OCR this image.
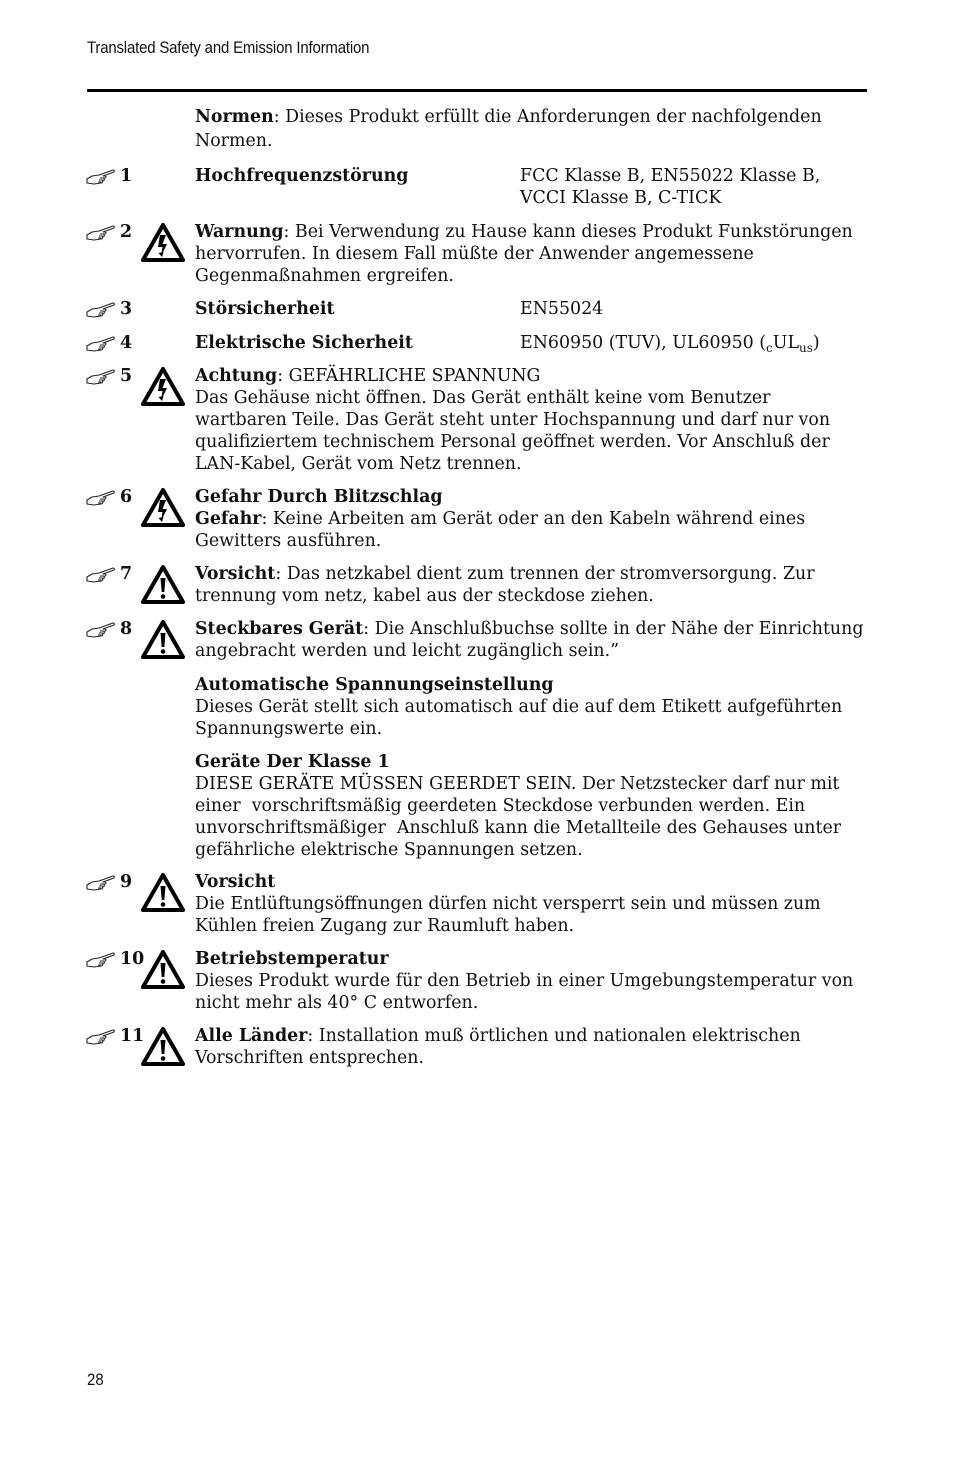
Translated Safety and Emission Information
Normen: Dieses Produkt erfüllt die Anforderungen der nachfolgenden Normen.
1	Hochfrequenzstörung	FCC Klasse B, EN55022 Klasse B, VCCI Klasse B, C-TICK
2	Warnung: Bei Verwendung zu Hause kann dieses Produkt Funkstörungen hervorrufen. In diesem Fall müßte der Anwender angemessene Gegenmaßnahmen ergreifen.
3	Störsicherheit	EN55024
4	Elektrische Sicherheit	EN60950 (TUV), UL60950 $(_cUL_{us})$
5	Achtung: GEFÄHRLICHE SPANNUNG
Das Gehäuse nicht öffnen. Das Gerät enthält keine vom Benutzer wartbaren Teile. Das Gerät steht unter Hochspannung und darf nur von qualifiziertem technischem Personal geöffnet werden. Vor Anschluß der LAN-Kabel, Gerät vom Netz trennen.
6	Gefahr Durch Blitzschlag
Gefahr: Keine Arbeiten am Gerät oder an den Kabeln während eines Gewitters ausführen.
7	Vorsicht: Das netzkabel dient zum trennen der stromversorgung. Zur trennung vom netz, kabel aus der steckdose ziehen.
8	Steckbares Gerät: Die Anschlußbuchse sollte in der Nähe der Einrichtung angebracht werden und leicht zugänglich sein.”
Automatische Spannungseinstellung
Dieses Gerät stellt sich automatisch auf die auf dem Etikett aufgeführten Spannungswerte ein.
Geräte Der Klasse 1
DIESE GERÄTE MÜSSEN GEERDET SEIN. Der Netzstecker darf nur mit einer  vorschriftsmäßig geerdeten Steckdose verbunden werden. Ein unvorschriftsmäßiger  Anschluß kann die Metallteile des Gehauses unter gefährliche elektrische Spannungen setzen.
9	Vorsicht
Die Entlüftungsöffnungen dürfen nicht versperrt sein und müssen zum Kühlen freien Zugang zur Raumluft haben.
10	Betriebstemperatur
Dieses Produkt wurde für den Betrieb in einer Umgebungstemperatur von nicht mehr als 40° C entworfen.
11	Alle Länder: Installation muß örtlichen und nationalen elektrischen Vorschriften entsprechen.
28
